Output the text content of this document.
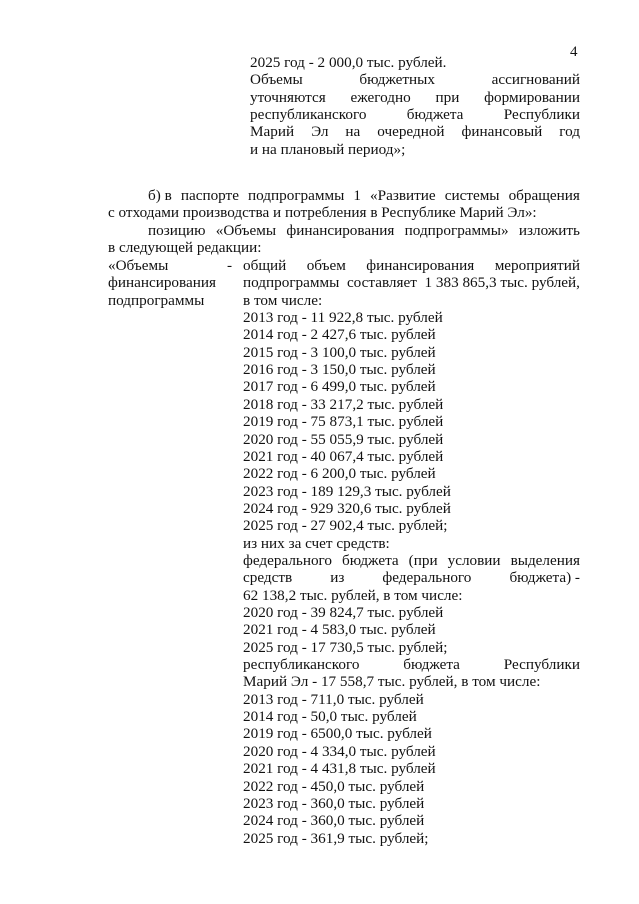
4
2025 год - 2 000,0 тыс. рублей.
Объемы	бюджетных	ассигнований
уточняются ежегодно при формировании
республиканского	бюджета	Республики
Марий Эл на очередной финансовый год
и на плановый период»;
б) в паспорте подпрограммы 1 «Развитие системы обращения
с отходами производства и потребления в Республике Марий Эл»:
позицию «Объемы финансирования подпрограммы» изложить
в следующей редакции:
«Объемы	-
финансирования
подпрограммы
общий объем финансирования мероприятий
подпрограммы составляет 1 383 865,3 тыс. рублей,
в том числе:
2013 год - 11 922,8 тыс. рублей
2014 год - 2 427,6 тыс. рублей
2015 год - 3 100,0 тыс. рублей
2016 год - 3 150,0 тыс. рублей
2017 год - 6 499,0 тыс. рублей
2018 год - 33 217,2 тыс. рублей
2019 год - 75 873,1 тыс. рублей
2020 год - 55 055,9 тыс. рублей
2021 год - 40 067,4 тыс. рублей
2022 год - 6 200,0 тыс. рублей
2023 год - 189 129,3 тыс. рублей
2024 год - 929 320,6 тыс. рублей
2025 год - 27 902,4 тыс. рублей;
из них за счет средств:
федерального бюджета (при условии выделения
средств	из	федерального	бюджета) -
62 138,2 тыс. рублей, в том числе:
2020 год - 39 824,7 тыс. рублей
2021 год - 4 583,0 тыс. рублей
2025 год - 17 730,5 тыс. рублей;
республиканского	бюджета	Республики
Марий Эл - 17 558,7 тыс. рублей, в том числе:
2013 год - 711,0 тыс. рублей
2014 год - 50,0 тыс. рублей
2019 год - 6500,0 тыс. рублей
2020 год - 4 334,0 тыс. рублей
2021 год - 4 431,8 тыс. рублей
2022 год - 450,0 тыс. рублей
2023 год - 360,0 тыс. рублей
2024 год - 360,0 тыс. рублей
2025 год - 361,9 тыс. рублей;
